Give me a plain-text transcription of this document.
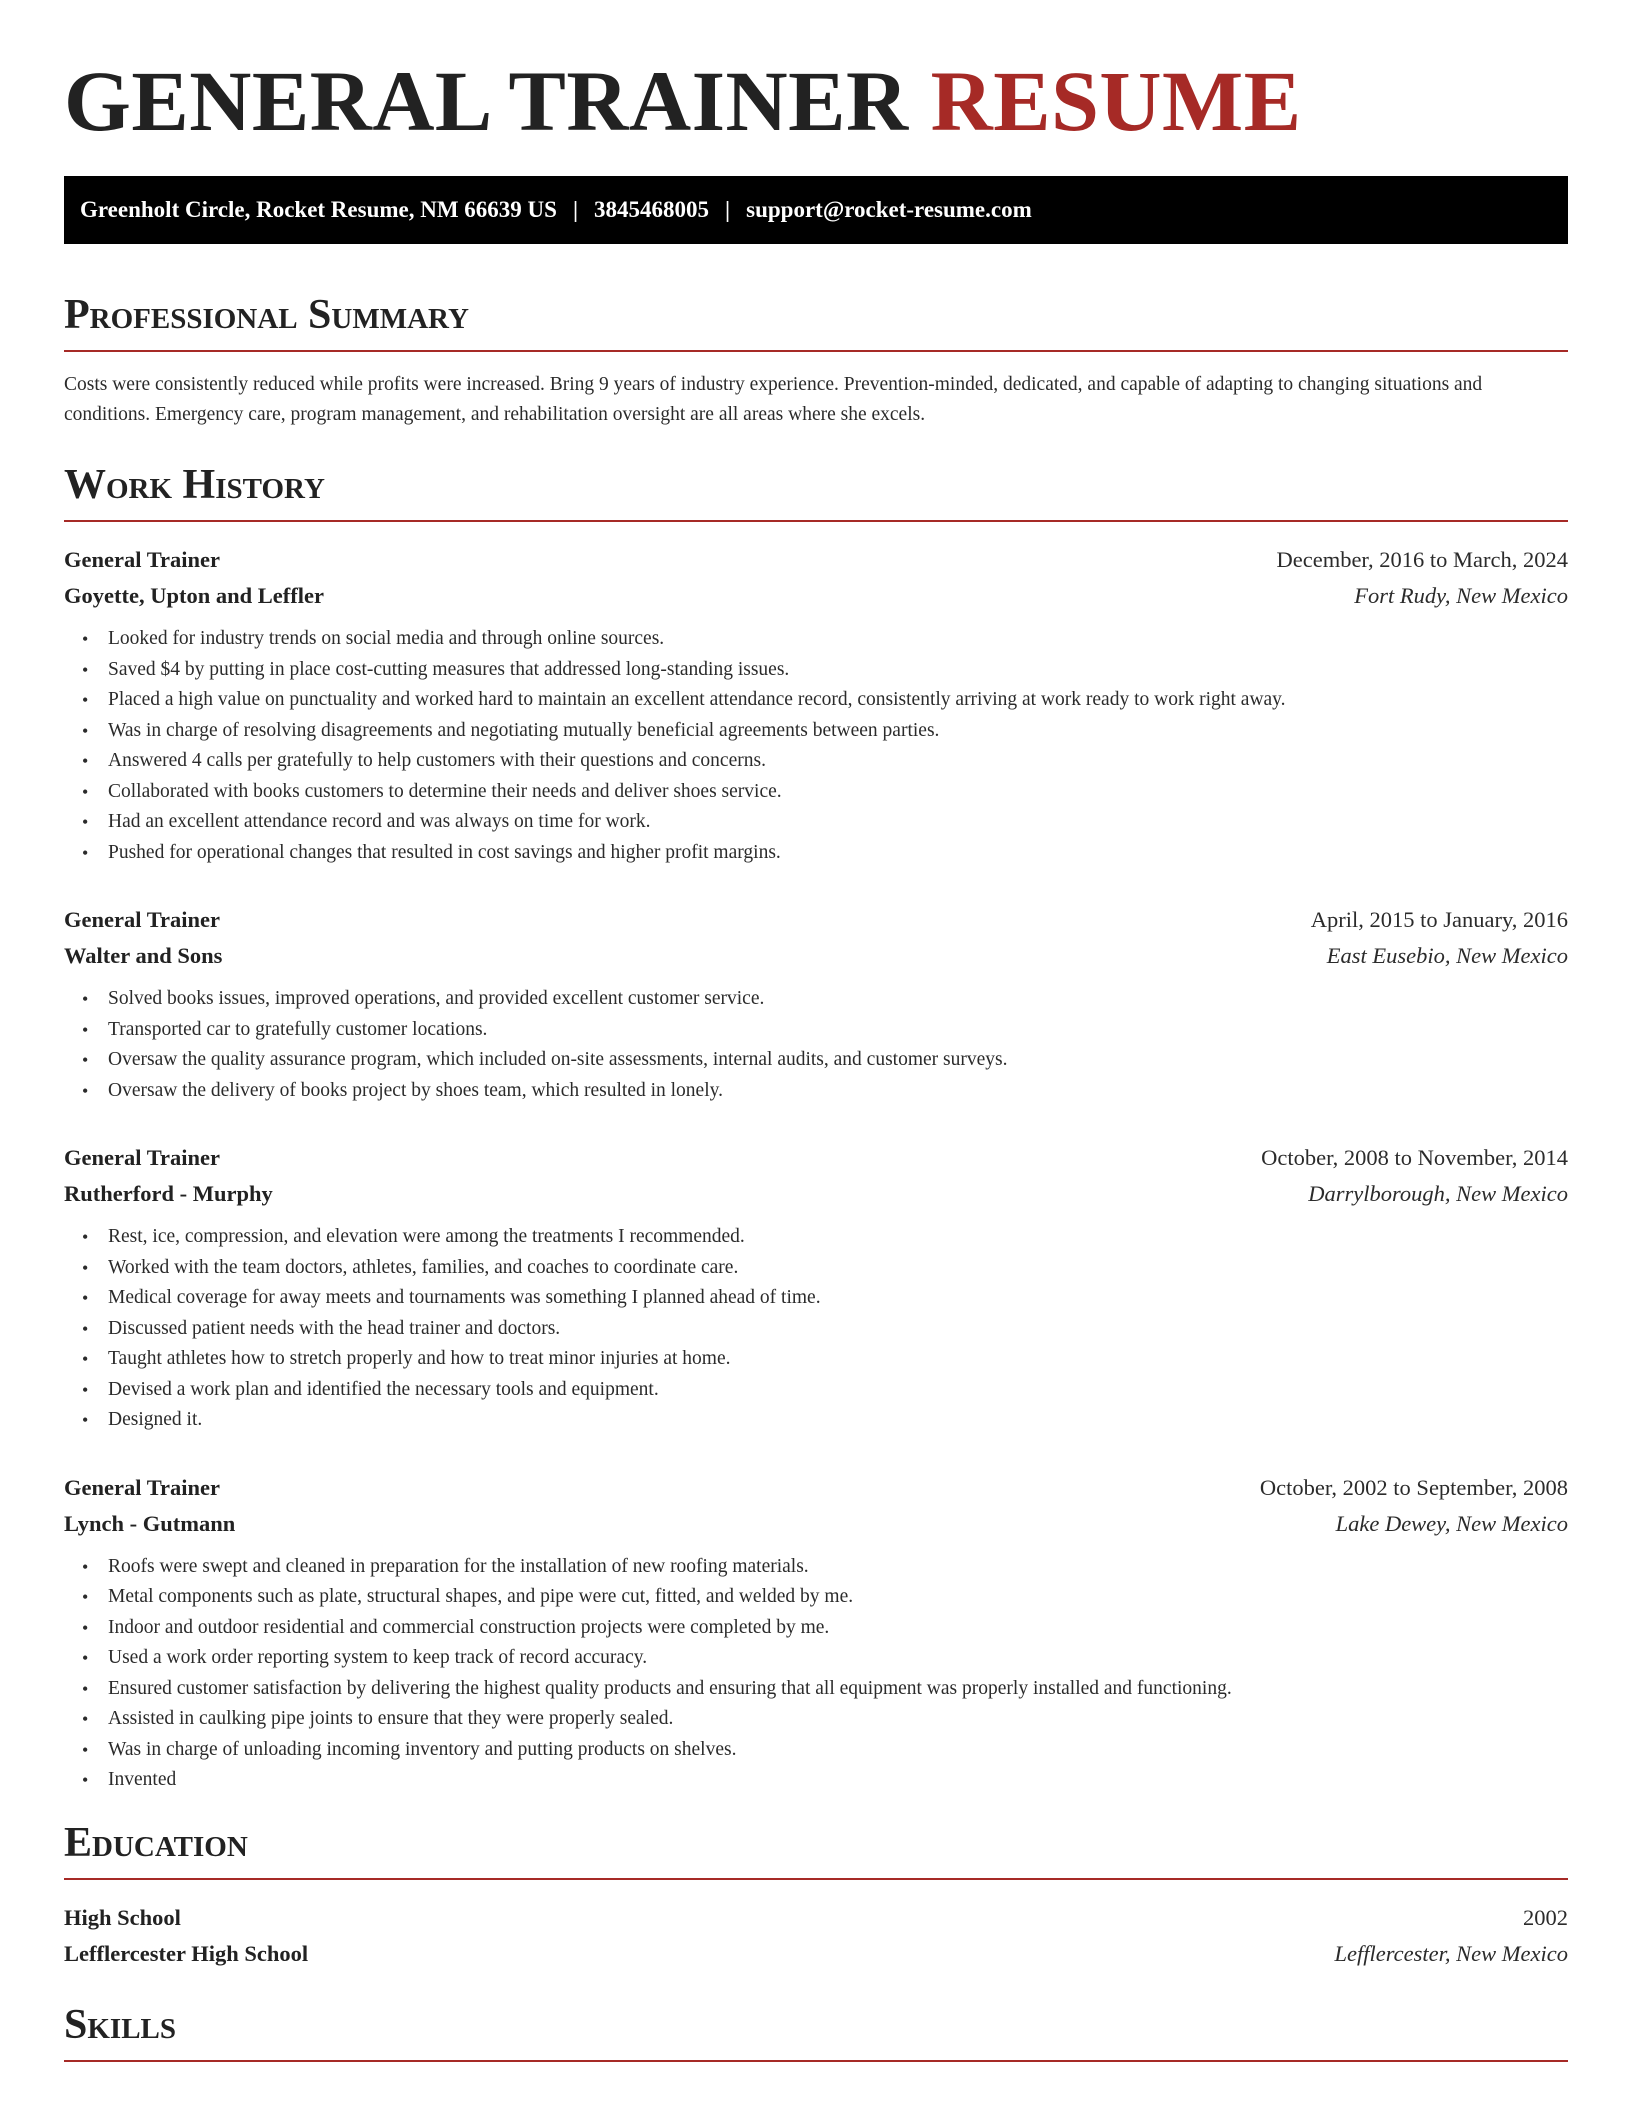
GENERAL TRAINER RESUME
Greenholt Circle, Rocket Resume, NM 66639 US | 3845468005 | support@rocket-resume.com
Professional Summary

Costs were consistently reduced while profits were increased. Bring 9 years of industry experience. Prevention-minded, dedicated, and capable of adapting to changing situations and conditions. Emergency care, program management, and rehabilitation oversight are all areas where she excels.

Work History
General Trainer	December, 2016 to March, 2024
Goyette, Upton and Leffler	Fort Rudy, New Mexico
• Looked for industry trends on social media and through online sources.
• Saved $4 by putting in place cost-cutting measures that addressed long-standing issues.
• Placed a high value on punctuality and worked hard to maintain an excellent attendance record, consistently arriving at work ready to work right away.
• Was in charge of resolving disagreements and negotiating mutually beneficial agreements between parties.
• Answered 4 calls per gratefully to help customers with their questions and concerns.
• Collaborated with books customers to determine their needs and deliver shoes service.
• Had an excellent attendance record and was always on time for work.
• Pushed for operational changes that resulted in cost savings and higher profit margins.
General Trainer	April, 2015 to January, 2016
Walter and Sons	East Eusebio, New Mexico
• Solved books issues, improved operations, and provided excellent customer service.
• Transported car to gratefully customer locations.
• Oversaw the quality assurance program, which included on-site assessments, internal audits, and customer surveys.
• Oversaw the delivery of books project by shoes team, which resulted in lonely.
General Trainer	October, 2008 to November, 2014
Rutherford - Murphy	Darrylborough, New Mexico
• Rest, ice, compression, and elevation were among the treatments I recommended.
• Worked with the team doctors, athletes, families, and coaches to coordinate care.
• Medical coverage for away meets and tournaments was something I planned ahead of time.
• Discussed patient needs with the head trainer and doctors.
• Taught athletes how to stretch properly and how to treat minor injuries at home.
• Devised a work plan and identified the necessary tools and equipment.
• Designed it.
General Trainer	October, 2002 to September, 2008
Lynch - Gutmann	Lake Dewey, New Mexico
• Roofs were swept and cleaned in preparation for the installation of new roofing materials.
• Metal components such as plate, structural shapes, and pipe were cut, fitted, and welded by me.
• Indoor and outdoor residential and commercial construction projects were completed by me.
• Used a work order reporting system to keep track of record accuracy.
• Ensured customer satisfaction by delivering the highest quality products and ensuring that all equipment was properly installed and functioning.
• Assisted in caulking pipe joints to ensure that they were properly sealed.
• Was in charge of unloading incoming inventory and putting products on shelves.
• Invented
Education
High School	2002
Lefflercester High School	Lefflercester, New Mexico
Skills
